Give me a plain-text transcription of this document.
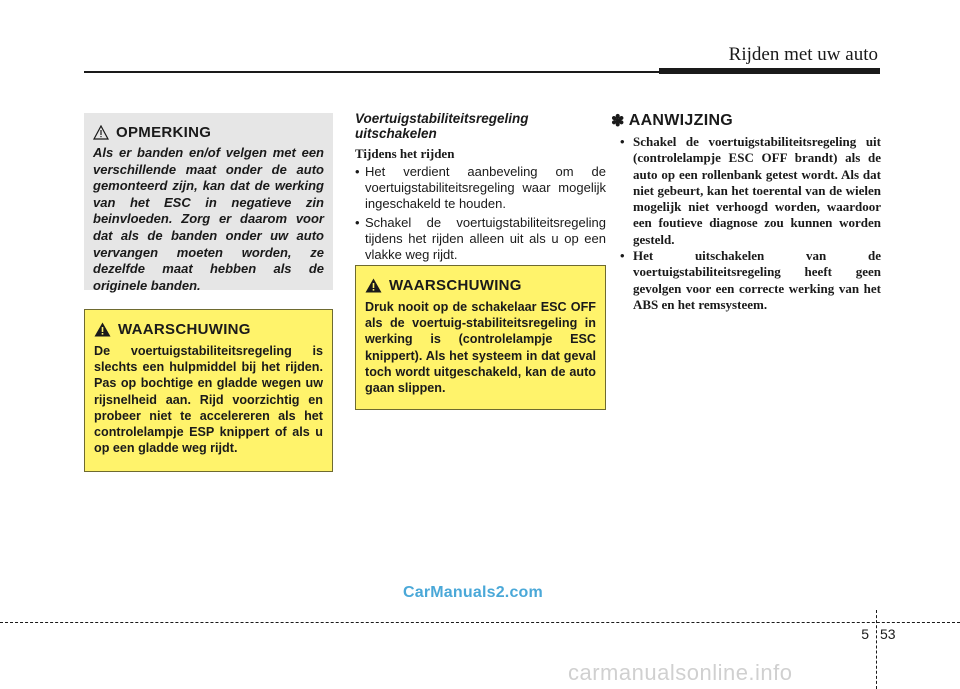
Rijden met uw auto
OPMERKING
Als er banden en/of velgen met een verschillende maat onder de auto gemonteerd zijn, kan dat de werking van het ESC in negatieve zin beinvloeden. Zorg er daarom voor dat als de banden onder uw auto vervangen moeten worden, ze dezelfde maat hebben als de originele banden.
WAARSCHUWING
De voertuigstabiliteitsregeling is slechts een hulpmiddel bij het rijden. Pas op bochtige en gladde wegen uw rijsnelheid aan. Rijd voorzichtig en probeer niet te accelereren als het controlelampje ESP knippert of als u op een gladde weg rijdt.
Voertuigstabiliteitsregeling uitschakelen
Tijdens het rijden
• Het verdient aanbeveling om de voertuigstabiliteitsregeling waar mogelijk ingeschakeld te houden.
• Schakel de voertuigstabiliteitsregeling tijdens het rijden alleen uit als u op een vlakke weg rijdt.
WAARSCHUWING
Druk nooit op de schakelaar ESC OFF als de voertuig-stabiliteitsregeling in werking is (controlelampje ESC knippert). Als het systeem in dat geval toch wordt uitgeschakeld, kan de auto gaan slippen.
✽ AANWIJZING
• Schakel de voertuigstabiliteitsregeling uit (controlelampje ESC OFF brandt) als de auto op een rollenbank getest wordt. Als dat niet gebeurt, kan het toerental van de wielen mogelijk niet verhoogd worden, waardoor een foutieve diagnose zou kunnen worden gesteld.
• Het uitschakelen van de voertuigstabiliteitsregeling heeft geen gevolgen voor een correcte werking van het ABS en het remsysteem.
CarManuals2.com
5 53
carmanualsonline.info
